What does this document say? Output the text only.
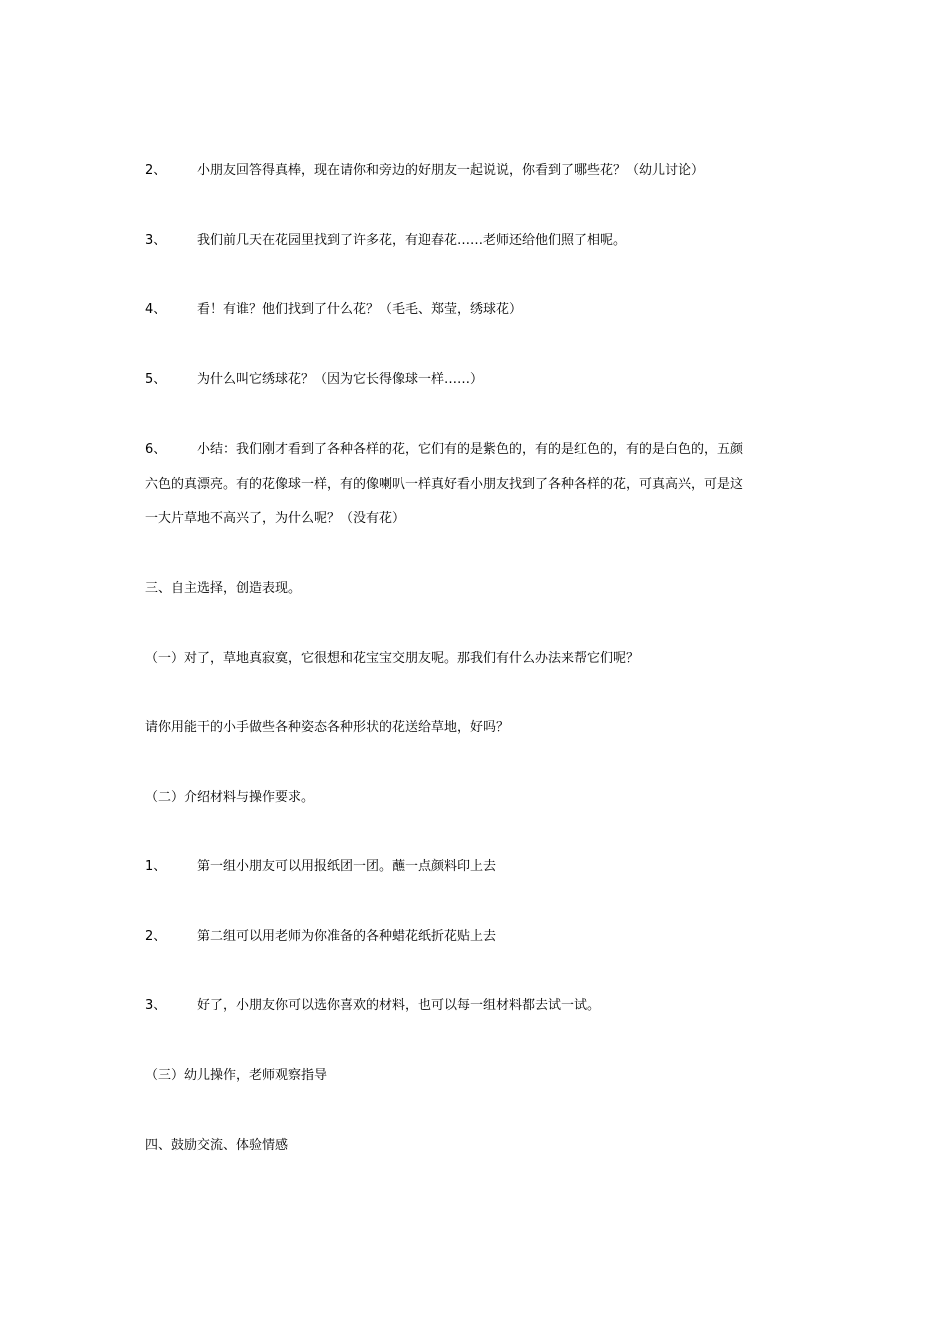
2、 小朋友回答得真棒，现在请你和旁边的好朋友一起说说，你看到了哪些花？（幼儿讨论）
3、 我们前几天在花园里找到了许多花，有迎春花……老师还给他们照了相呢。
4、 看！有谁？他们找到了什么花？（毛毛、郑莹，绣球花）
5、 为什么叫它绣球花？（因为它长得像球一样……）
6、 小结：我们刚才看到了各种各样的花，它们有的是紫色的，有的是红色的，有的是白色的，五颜
六色的真漂亮。有的花像球一样，有的像喇叭一样真好看小朋友找到了各种各样的花，可真高兴，可是这
一大片草地不高兴了，为什么呢？（没有花）
三、自主选择，创造表现。
（一）对了，草地真寂寞，它很想和花宝宝交朋友呢。那我们有什么办法来帮它们呢？
请你用能干的小手做些各种姿态各种形状的花送给草地，好吗？
（二）介绍材料与操作要求。
1、 第一组小朋友可以用报纸团一团。蘸一点颜料印上去
2、 第二组可以用老师为你准备的各种蜡花纸折花贴上去
3、 好了，小朋友你可以选你喜欢的材料，也可以每一组材料都去试一试。
（三）幼儿操作，老师观察指导
四、鼓励交流、体验情感
